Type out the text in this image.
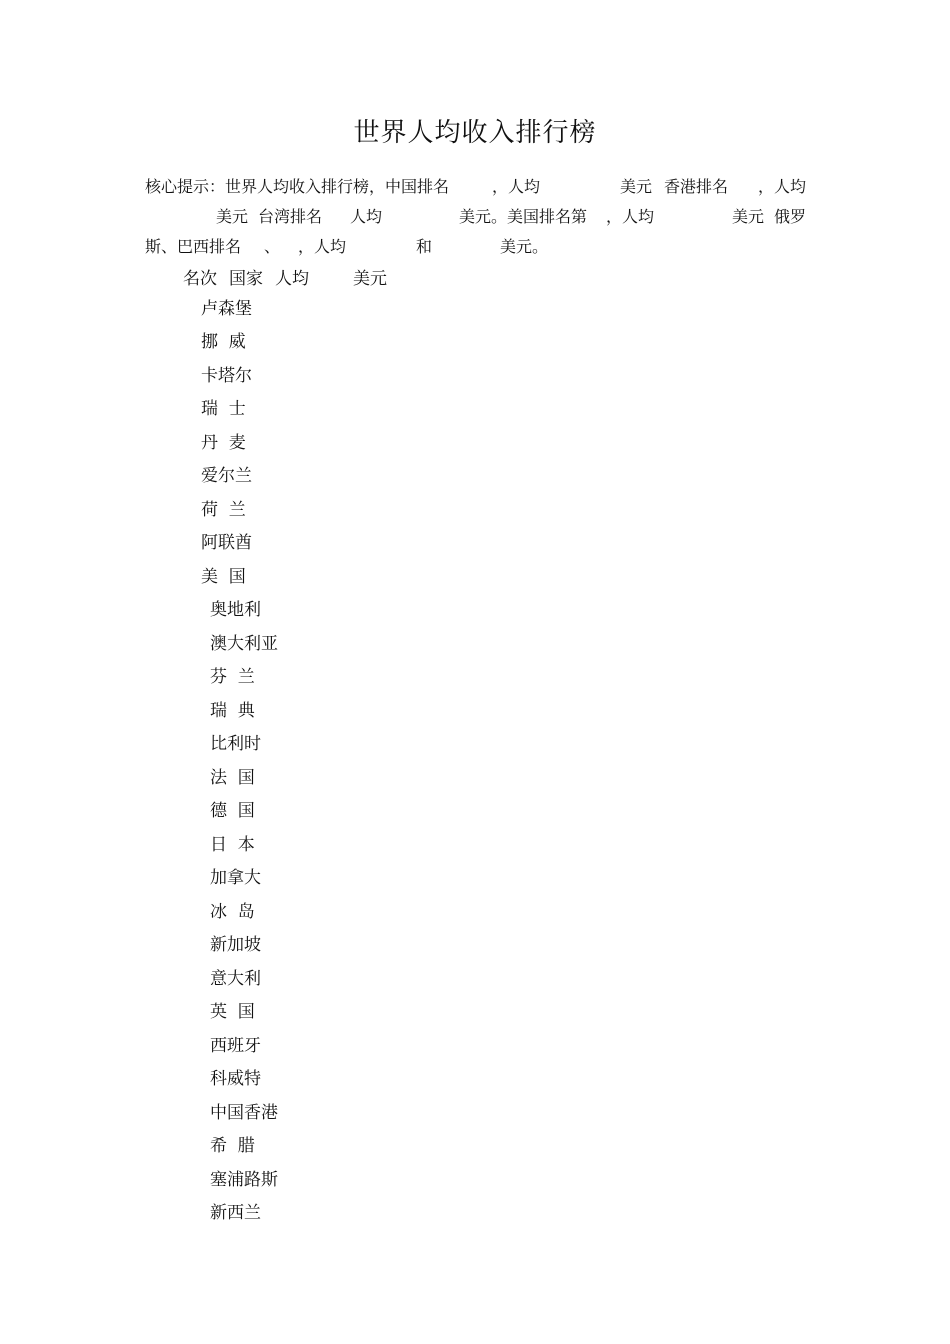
世界人均收入排行榜
核心提示：世界人均收入排行榜，中国排名	，人均	美元 香港排名 ，人均
美元 台湾排名 人均	美元。美国排名第 ，人均	美元 俄罗
斯、巴西排名 、 ，人均	和	美元。
名次 国家 人均	美元
卢森堡
挪  威
卡塔尔
瑞  士
丹  麦
爱尔兰
荷  兰
阿联酋
美  国
奥地利
澳大利亚
芬  兰
瑞  典
比利时
法  国
德  国
日  本
加拿大
冰  岛
新加坡
意大利
英  国
西班牙
科威特
中国香港
希  腊
塞浦路斯
新西兰
